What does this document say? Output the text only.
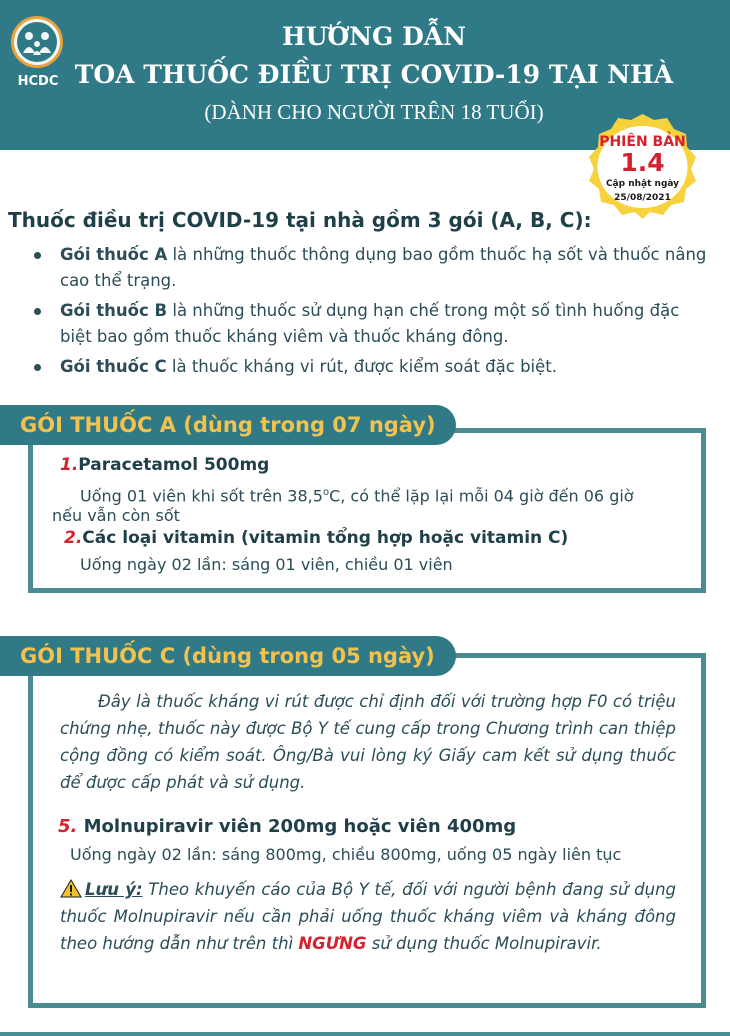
HCDC
HƯỚNG DẪN
TOA THUỐC ĐIỀU TRỊ COVID-19 TẠI NHÀ
(DÀNH CHO NGƯỜI TRÊN 18 TUỔI)
PHIÊN BẢN
1.4
Cập nhật ngày
25/08/2021
Thuốc điều trị COVID-19 tại nhà gồm 3 gói (A, B, C):
Gói thuốc A là những thuốc thông dụng bao gồm thuốc hạ sốt và thuốc nâng cao thể trạng.
Gói thuốc B là những thuốc sử dụng hạn chế trong một số tình huống đặc biệt bao gồm thuốc kháng viêm và thuốc kháng đông.
Gói thuốc C là thuốc kháng vi rút, được kiểm soát đặc biệt.
GÓI THUỐC A (dùng trong 07 ngày)
1.Paracetamol 500mg
Uống 01 viên khi sốt trên 38,5$^o$C, có thể lặp lại mỗi 04 giờ đến 06 giờ
nếu vẫn còn sốt
2.Các loại vitamin (vitamin tổng hợp hoặc vitamin C)
Uống ngày 02 lần: sáng 01 viên, chiều 01 viên
GÓI THUỐC C (dùng trong 05 ngày)
Đây là thuốc kháng vi rút được chỉ định đối với trường hợp F0 có triệu chứng nhẹ, thuốc này được Bộ Y tế cung cấp trong Chương trình can thiệp cộng đồng có kiểm soát. Ông/Bà vui lòng ký Giấy cam kết sử dụng thuốc để được cấp phát và sử dụng.
5. Molnupiravir viên 200mg hoặc viên 400mg
Uống ngày 02 lần: sáng 800mg, chiều 800mg, uống 05 ngày liên tục
Lưu ý: Theo khuyến cáo của Bộ Y tế, đối với người bệnh đang sử dụng thuốc Molnupiravir nếu cần phải uống thuốc kháng viêm và kháng đông theo hướng dẫn như trên thì NGƯNG sử dụng thuốc Molnupiravir.
